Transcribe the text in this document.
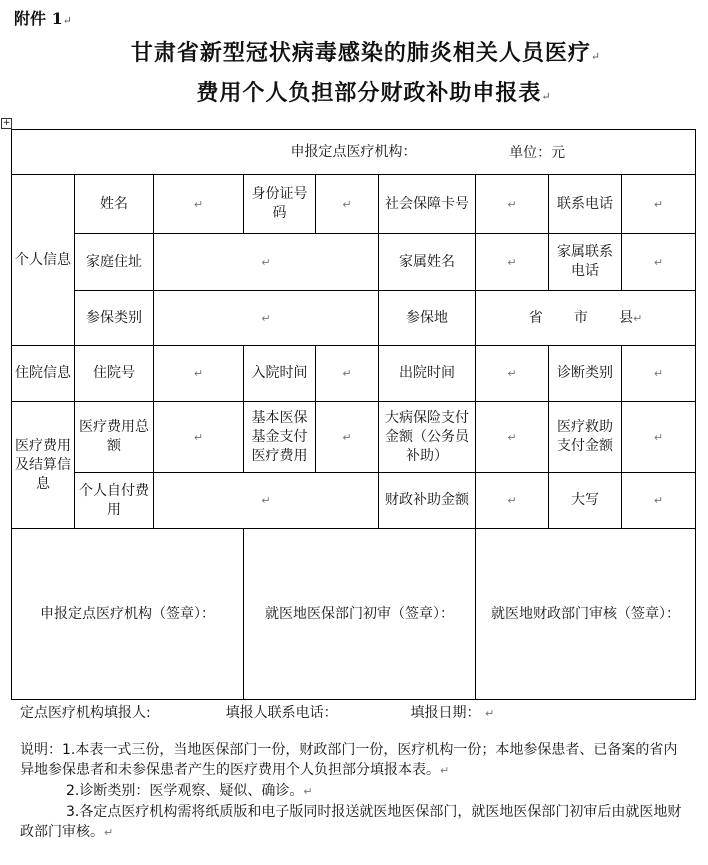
附件 1↵
甘肃省新型冠状病毒感染的肺炎相关人员医疗↵
费用个人负担部分财政补助申报表↵
+
申报定点医疗机构： 单位：元								

个人信息	姓名	↵	身份证号码	↵	社会保障卡号	↵	联系电话	↵
	家庭住址	↵			家属姓名	↵	家属联系电话	↵
	参保类别	↵			参保地	省 市 县↵		
住院信息	住院号	↵	入院时间	↵	出院时间	↵	诊断类别	↵
医疗费用及结算信息	医疗费用总额	↵	基本医保基金支付医疗费用	↵	大病保险支付金额（公务员补助）	↵	医疗救助支付金额	↵
	个人自付费用	↵			财政补助金额	↵	大写	↵
申报定点医疗机构（签章）：			就医地医保部门初审（签章）：			就医地财政部门审核（签章）：		
定点医疗机构填报人:	填报人联系电话：	填报日期： ↵

说明：1.本表一式三份，当地医保部门一份，财政部门一份，医疗机构一份；本地参保患者、已备案的省内异地参保患者和未参保患者产生的医疗费用个人负担部分填报本表。↵

2.诊断类别：医学观察、疑似、确诊。↵

3.各定点医疗机构需将纸质版和电子版同时报送就医地医保部门，就医地医保部门初审后由就医地财政部门审核。↵
